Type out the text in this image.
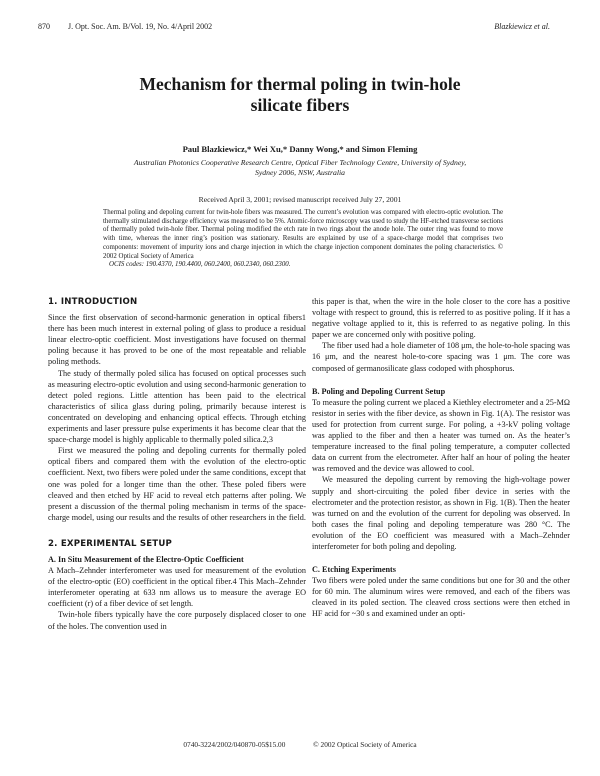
870 J. Opt. Soc. Am. B/Vol. 19, No. 4/April 2002	Blazkiewicz et al.
Mechanism for thermal poling in twin-hole
silicate fibers
Paul Blazkiewicz,* Wei Xu,* Danny Wong,* and Simon Fleming
Australian Photonics Cooperative Research Centre, Optical Fiber Technology Centre, University of Sydney,
Sydney 2006, NSW, Australia
Received April 3, 2001; revised manuscript received July 27, 2001
Thermal poling and depoling current for twin-hole fibers was measured. The current’s evolution was compared with electro-optic evolution. The thermally stimulated discharge efficiency was measured to be 5%. Atomic-force microscopy was used to study the HF-etched transverse sections of thermally poled twin-hole fiber. Thermal poling modified the etch rate in two rings about the anode hole. The outer ring was found to move with time, whereas the inner ring’s position was stationary. Results are explained by use of a space-charge model that comprises two components: movement of impurity ions and charge injection in which the charge injection component dominates the poling characteristics. © 2002 Optical Society of America
OCIS codes: 190.4370, 190.4400, 060.2400, 060.2340, 060.2300.
1. INTRODUCTION

Since the first observation of second-harmonic generation in optical fibers1 there has been much interest in external poling of glass to produce a residual linear electro-optic coefficient. Most investigations have focused on thermal poling because it has proved to be one of the most repeatable and reliable poling methods.

The study of thermally poled silica has focused on optical processes such as measuring electro-optic evolution and using second-harmonic generation to detect poled regions. Little attention has been paid to the electrical characteristics of silica glass during poling, primarily because interest is concentrated on developing and enhancing optical effects. Through etching experiments and laser pressure pulse experiments it has become clear that the space-charge model is highly applicable to thermally poled silica.2,3

First we measured the poling and depoling currents for thermally poled optical fibers and compared them with the evolution of the electro-optic coefficient. Next, two fibers were poled under the same conditions, except that one was poled for a longer time than the other. These poled fibers were cleaved and then etched by HF acid to reveal etch patterns after poling. We present a discussion of the thermal poling mechanism in terms of the space-charge model, using our results and the results of other researchers in the field.

2. EXPERIMENTAL SETUP
A. In Situ Measurement of the Electro-Optic Coefficient

A Mach–Zehnder interferometer was used for measurement of the evolution of the electro-optic (EO) coefficient in the optical fiber.4 This Mach–Zehnder interferometer operating at 633 nm allows us to measure the average EO coefficient (r) of a fiber device of set length.

Twin-hole fibers typically have the core purposely displaced closer to one of the holes. The convention used in

this paper is that, when the wire in the hole closer to the core has a positive voltage with respect to ground, this is referred to as positive poling. If it has a negative voltage applied to it, this is referred to as negative poling. In this paper we are concerned only with positive poling.

The fiber used had a hole diameter of 108 μm, the hole-to-hole spacing was 16 μm, and the nearest hole-to-core spacing was 1 μm. The core was composed of germanosilicate glass codoped with phosphorus.

B. Poling and Depoling Current Setup

To measure the poling current we placed a Kiethley electrometer and a 25-MΩ resistor in series with the fiber device, as shown in Fig. 1(A). The resistor was used for protection from current surge. For poling, a +3-kV poling voltage was applied to the fiber and then a heater was turned on. As the heater’s temperature increased to the final poling temperature, a computer collected data on current from the electrometer. After half an hour of poling the heater was removed and the device was allowed to cool.

We measured the depoling current by removing the high-voltage power supply and short-circuiting the poled fiber device in series with the electrometer and the protection resistor, as shown in Fig. 1(B). Then the heater was turned on and the evolution of the current for depoling was observed. In both cases the final poling and depoling temperature was 280 °C. The evolution of the EO coefficient was measured with a Mach–Zehnder interferometer for both poling and depoling.

C. Etching Experiments

Two fibers were poled under the same conditions but one for 30 and the other for 60 min. The aluminum wires were removed, and each of the fibers was cleaved in its poled section. The cleaved cross sections were then etched in HF acid for ~30 s and examined under an opti-

0740-3224/2002/040870-05$15.00	© 2002 Optical Society of America
